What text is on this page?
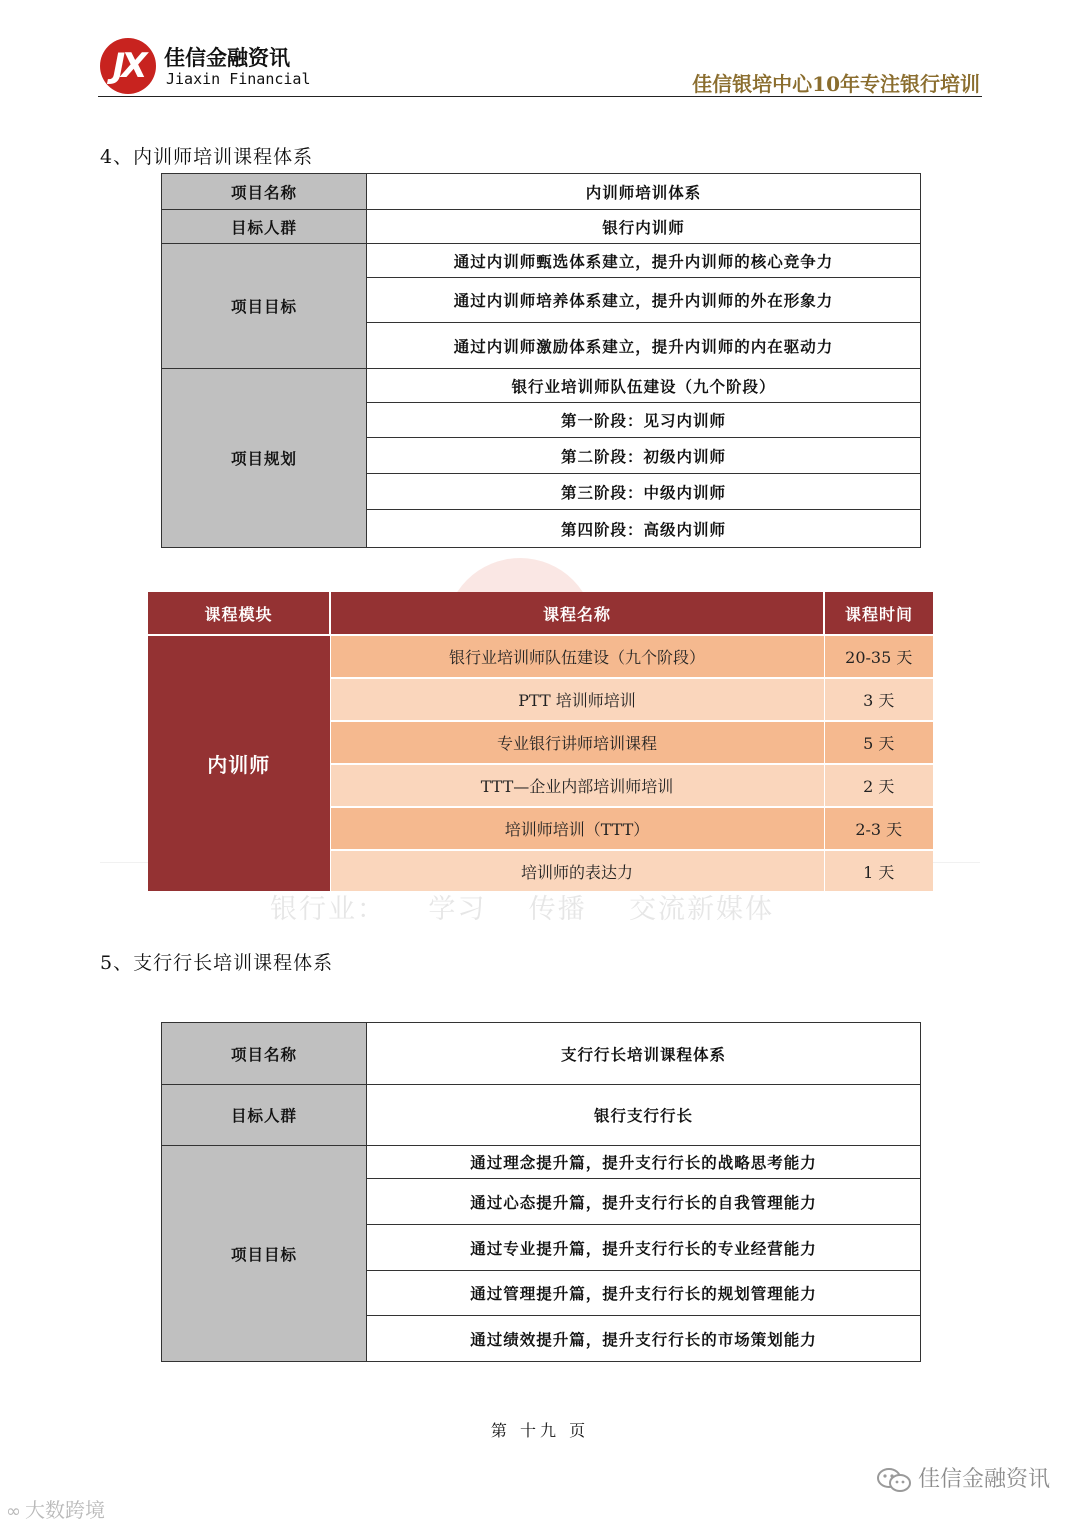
JX 佳信金融资讯
Jiaxin Financial	佳信银培中心10年专注银行培训
4、内训师培训课程体系
项目名称	内训师培训体系
目标人群	银行内训师
项目目标	通过内训师甄选体系建立，提升内训师的核心竞争力
	通过内训师培养体系建立，提升内训师的外在形象力
	通过内训师激励体系建立，提升内训师的内在驱动力
项目规划	银行业培训师队伍建设（九个阶段）
	第一阶段：见习内训师
	第二阶段：初级内训师
	第三阶段：中级内训师
	第四阶段：高级内训师
课程模块	课程名称	课程时间
内训师	银行业培训师队伍建设（九个阶段）	20-35 天
	PTT 培训师培训	3 天
	专业银行讲师培训课程	5 天
	TTT—企业内部培训师培训	2 天
	培训师培训（TTT）	2-3 天
	培训师的表达力	1 天
银行业：    学习    传播    交流新媒体
5、支行行长培训课程体系
项目名称	支行行长培训课程体系
目标人群	银行支行行长
项目目标	通过理念提升篇，提升支行行长的战略思考能力
	通过心态提升篇，提升支行行长的自我管理能力
	通过专业提升篇，提升支行行长的专业经营能力
	通过管理提升篇，提升支行行长的规划管理能力
	通过绩效提升篇，提升支行行长的市场策划能力
第 十九 页
佳信金融资讯
∞ 大数跨境
